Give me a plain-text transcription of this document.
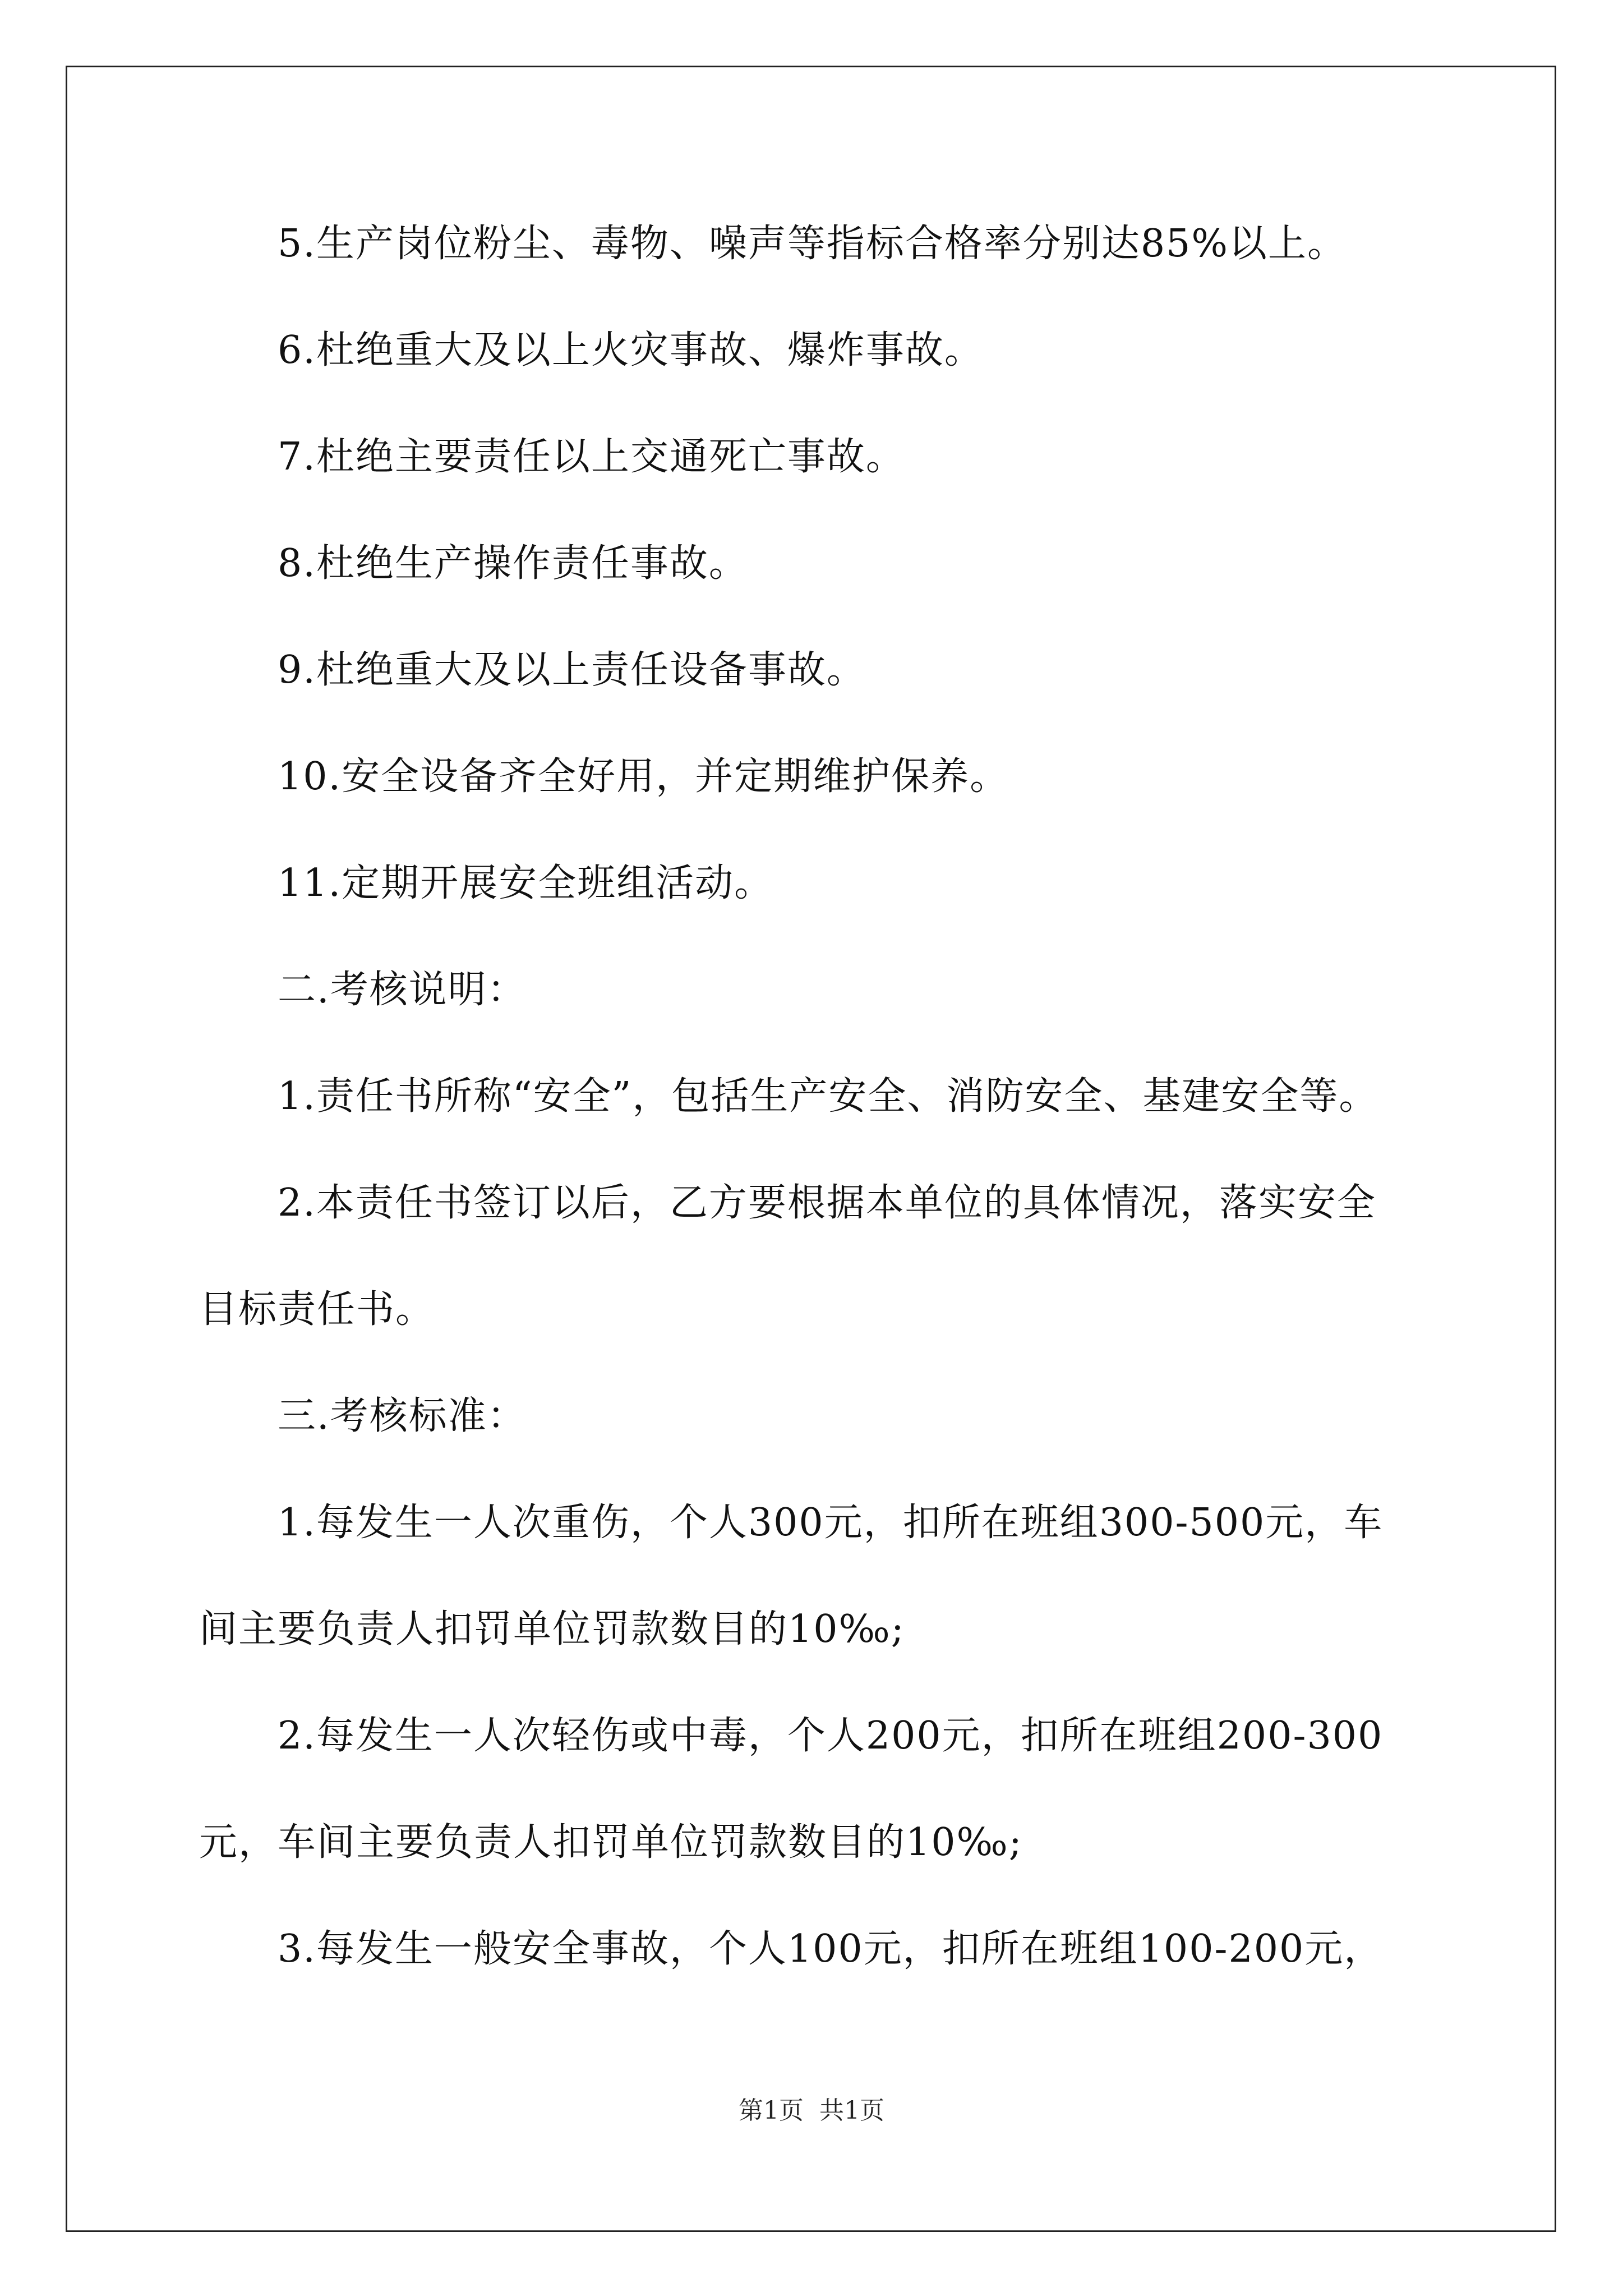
5.生产岗位粉尘、毒物、噪声等指标合格率分别达85%以上。
6.杜绝重大及以上火灾事故、爆炸事故。
7.杜绝主要责任以上交通死亡事故。
8.杜绝生产操作责任事故。
9.杜绝重大及以上责任设备事故。
10.安全设备齐全好用，并定期维护保养。
11.定期开展安全班组活动。
二.考核说明：
1.责任书所称“安全”，包括生产安全、消防安全、基建安全等。
2.本责任书签订以后，乙方要根据本单位的具体情况，落实安全
目标责任书。
三.考核标准：
1.每发生一人次重伤，个人300元，扣所在班组300-500元，车
间主要负责人扣罚单位罚款数目的10‰;
2.每发生一人次轻伤或中毒，个人200元，扣所在班组200-300
元，车间主要负责人扣罚单位罚款数目的10‰;
3.每发生一般安全事故，个人100元，扣所在班组100-200元，
第1页 共1页
